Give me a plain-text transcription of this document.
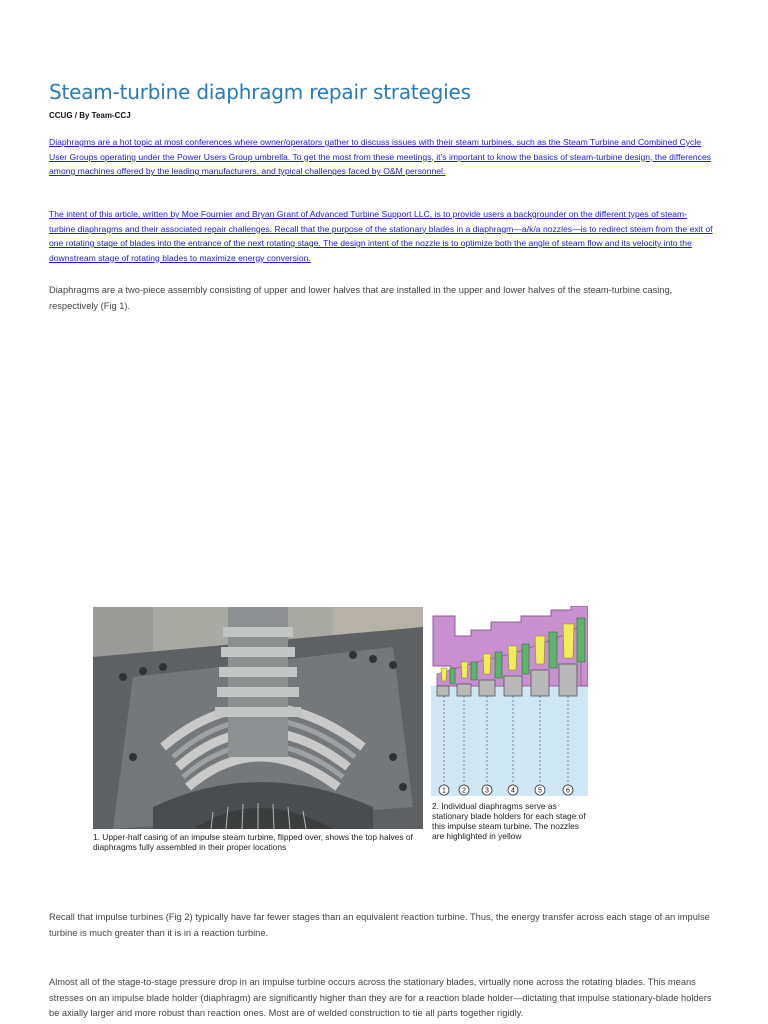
Steam-turbine diaphragm repair strategies
CCUG / By Team-CCJ

Diaphragms are a hot topic at most conferences where owner/operators gather to discuss issues with their steam turbines, such as the Steam Turbine and Combined Cycle User Groups operating under the Power Users Group umbrella. To get the most from these meetings, it’s important to know the basics of steam-turbine design, the differences among machines offered by the leading manufacturers, and typical challenges faced by O&M personnel.

The intent of this article, written by Moe Fournier and Bryan Grant of Advanced Turbine Support LLC, is to provide users a backgrounder on the different types of steam-turbine diaphragms and their associated repair challenges. Recall that the purpose of the stationary blades in a diaphragm—a/k/a nozzles—is to redirect steam from the exit of one rotating stage of blades into the entrance of the next rotating stage. The design intent of the nozzle is to optimize both the angle of steam flow and its velocity into the downstream stage of rotating blades to maximize energy conversion.

Diaphragms are a two-piece assembly consisting of upper and lower halves that are installed in the upper and lower halves of the steam-turbine casing, respectively (Fig 1).

1. Upper-half casing of an impulse steam turbine, flipped over, shows the top halves of diaphragms fully assembled in their proper locations
1 2	3	4	5	6
2. Individual diaphragms serve as stationary blade holders for each stage of this impulse steam turbine. The nozzles are highlighted in yellow

Recall that impulse turbines (Fig 2) typically have far fewer stages than an equivalent reaction turbine. Thus, the energy transfer across each stage of an impulse turbine is much greater than it is in a reaction turbine.

Almost all of the stage-to-stage pressure drop in an impulse turbine occurs across the stationary blades, virtually none across the rotating blades. This means stresses on an impulse blade holder (diaphragm) are significantly higher than they are for a reaction blade holder—dictating that impulse stationary-blade holders be axially larger and more robust than reaction ones. Most are of welded construction to tie all parts together rigidly.
